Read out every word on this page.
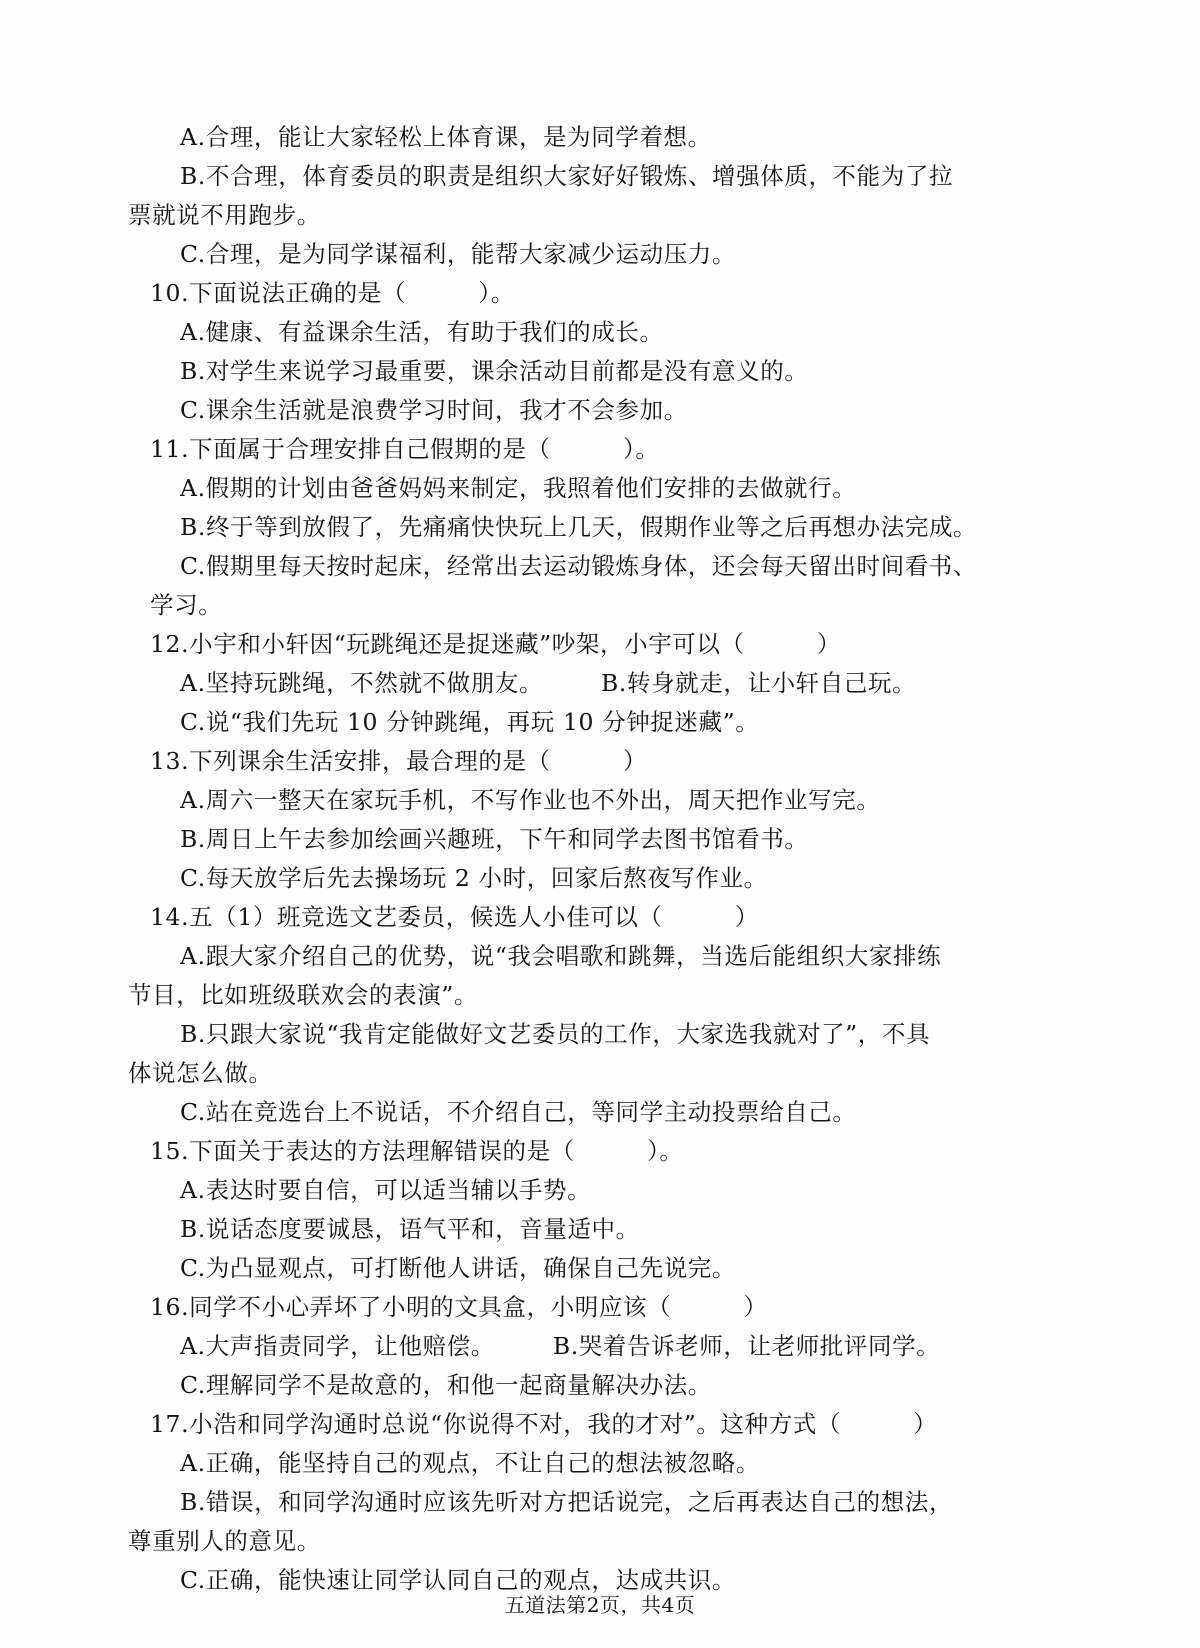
A.合理，能让大家轻松上体育课，是为同学着想。
B.不合理，体育委员的职责是组织大家好好锻炼、增强体质，不能为了拉
票就说不用跑步。
C.合理，是为同学谋福利，能帮大家减少运动压力。
10.下面说法正确的是（　　　）。
A.健康、有益课余生活，有助于我们的成长。
B.对学生来说学习最重要，课余活动目前都是没有意义的。
C.课余生活就是浪费学习时间，我才不会参加。
11.下面属于合理安排自己假期的是（　　　）。
A.假期的计划由爸爸妈妈来制定，我照着他们安排的去做就行。
B.终于等到放假了，先痛痛快快玩上几天，假期作业等之后再想办法完成。
C.假期里每天按时起床，经常出去运动锻炼身体，还会每天留出时间看书、
学习。
12.小宇和小轩因“玩跳绳还是捉迷藏”吵架，小宇可以（　　　）
A.坚持玩跳绳，不然就不做朋友。 B.转身就走，让小轩自己玩。
C.说“我们先玩 10 分钟跳绳，再玩 10 分钟捉迷藏”。
13.下列课余生活安排，最合理的是（　　　）
A.周六一整天在家玩手机，不写作业也不外出，周天把作业写完。
B.周日上午去参加绘画兴趣班，下午和同学去图书馆看书。
C.每天放学后先去操场玩 2 小时，回家后熬夜写作业。
14.五（1）班竞选文艺委员，候选人小佳可以（　　　）
A.跟大家介绍自己的优势，说“我会唱歌和跳舞，当选后能组织大家排练
节目，比如班级联欢会的表演”。
B.只跟大家说“我肯定能做好文艺委员的工作，大家选我就对了”，不具
体说怎么做。
C.站在竞选台上不说话，不介绍自己，等同学主动投票给自己。
15.下面关于表达的方法理解错误的是（　　　）。
A.表达时要自信，可以适当辅以手势。
B.说话态度要诚恳，语气平和，音量适中。
C.为凸显观点，可打断他人讲话，确保自己先说完。
16.同学不小心弄坏了小明的文具盒，小明应该（　　　）
A.大声指责同学，让他赔偿。 B.哭着告诉老师，让老师批评同学。
C.理解同学不是故意的，和他一起商量解决办法。
17.小浩和同学沟通时总说“你说得不对，我的才对”。这种方式（　　　）
A.正确，能坚持自己的观点，不让自己的想法被忽略。
B.错误，和同学沟通时应该先听对方把话说完，之后再表达自己的想法，
尊重别人的意见。
C.正确，能快速让同学认同自己的观点，达成共识。
五道法第2页，共4页
